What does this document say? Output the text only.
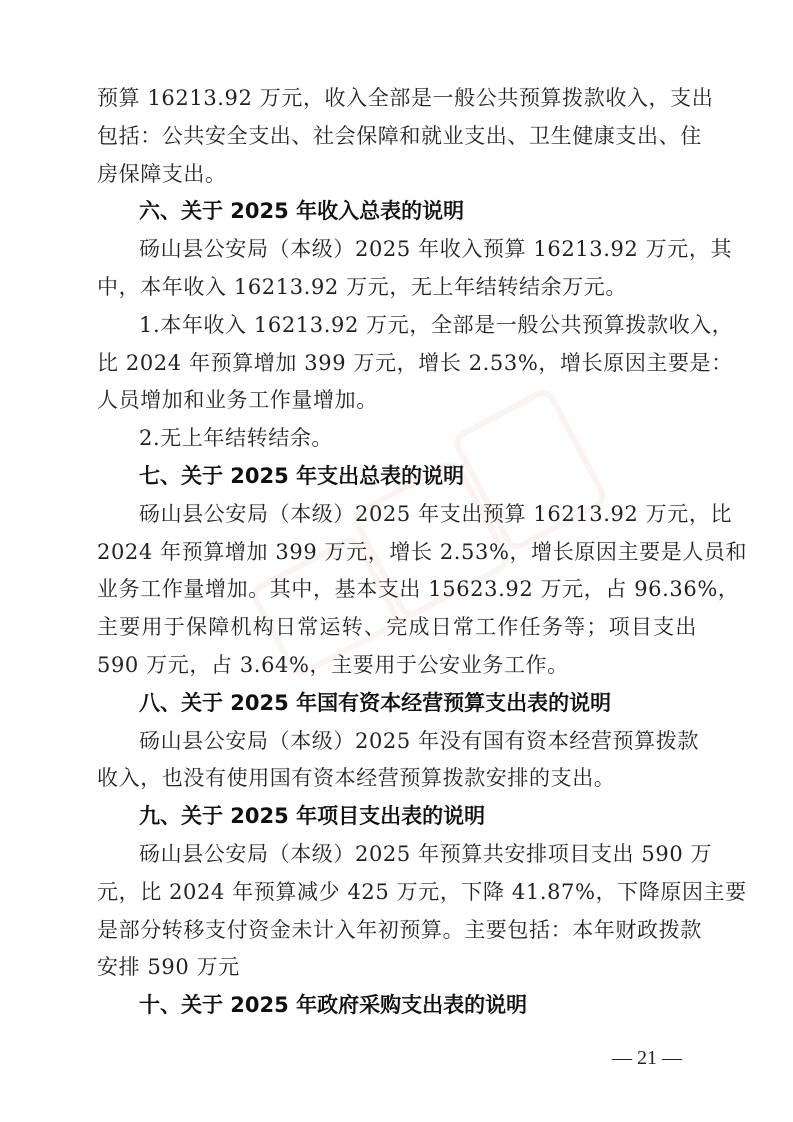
预算 16213.92 万元，收入全部是一般公共预算拨款收入，支出
包括：公共安全支出、社会保障和就业支出、卫生健康支出、住
房保障支出。
六、关于 2025 年收入总表的说明
砀山县公安局（本级）2025 年收入预算 16213.92 万元，其
中，本年收入 16213.92 万元，无上年结转结余万元。
1.本年收入 16213.92 万元，全部是一般公共预算拨款收入，
比 2024 年预算增加 399 万元，增长 2.53%，增长原因主要是：
人员增加和业务工作量增加。
2.无上年结转结余。
七、关于 2025 年支出总表的说明
砀山县公安局（本级）2025 年支出预算 16213.92 万元，比
2024 年预算增加 399 万元，增长 2.53%，增长原因主要是人员和
业务工作量增加。其中，基本支出 15623.92 万元，占 96.36%，
主要用于保障机构日常运转、完成日常工作任务等；项目支出
590 万元，占 3.64%，主要用于公安业务工作。
八、关于 2025 年国有资本经营预算支出表的说明
砀山县公安局（本级）2025 年没有国有资本经营预算拨款
收入，也没有使用国有资本经营预算拨款安排的支出。
九、关于 2025 年项目支出表的说明
砀山县公安局（本级）2025 年预算共安排项目支出 590 万
元，比 2024 年预算减少 425 万元，下降 41.87%，下降原因主要
是部分转移支付资金未计入年初预算。主要包括：本年财政拨款
安排 590 万元
— 21 —
十、关于 2025 年政府采购支出表的说明
